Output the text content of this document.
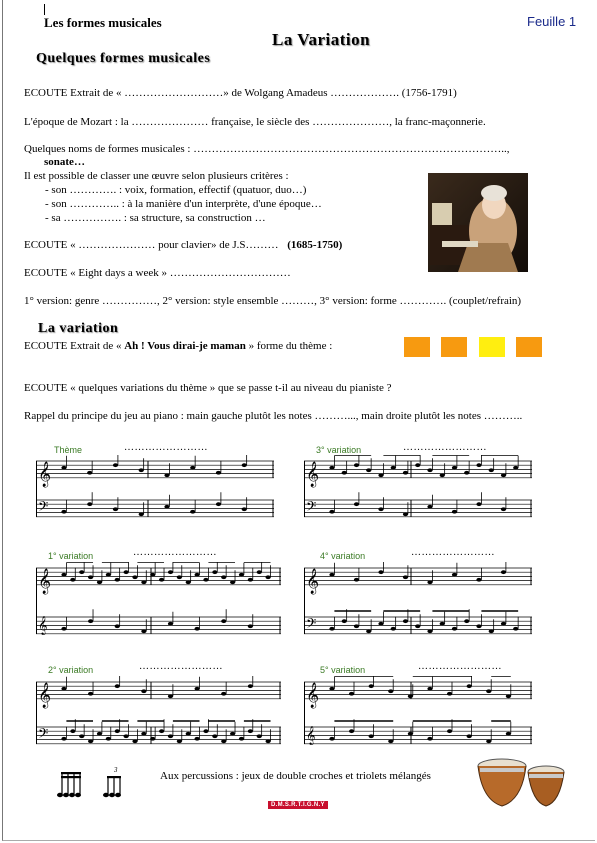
Les formes musicales
La Variation
Feuille 1
Quelques formes musicales
ECOUTE Extrait de « ………………………» de Wolgang Amadeus ………………. (1756-1791)
L'époque de Mozart : la ………………… française, le siècle des …………………, la franc-maçonnerie.
Quelques noms de formes musicales : …………………………………………………………………………..,
sonate…
Il est possible de classer une œuvre selon plusieurs critères :
- son …………. : voix, formation, effectif (quatuor, duo…)
- son ………….. : à la manière d'un interprète, d'une époque…
- sa ……………. : sa structure, sa construction …
ECOUTE « ………………… pour clavier» de J.S……… (1685-1750)
ECOUTE « Eight days a week » ……………………………
1° version: genre ……………, 2° version: style ensemble ………, 3° version: forme …………. (couplet/refrain)
La variation
ECOUTE Extrait de « Ah ! Vous dirai-je maman » forme du thème :
ECOUTE « quelques variations du thème » que se passe t-il au niveau du pianiste ?
Rappel du principe du jeu au piano : main gauche plutôt les notes ………..., main droite plutôt les notes ………..
Thème	……………………	3° variation	……………………
1° variation	……………………	4° variation	……………………
2° variation	……………………	5° variation	……………………
𝄞
𝄢
𝄞
𝄢
𝄞
𝄞
𝄞
𝄢
𝄞
𝄢
𝄞
𝄞
3	Aux percussions : jeux de double croches et triolets mélangés
D.M.S.R.T.I.G.N.Y
